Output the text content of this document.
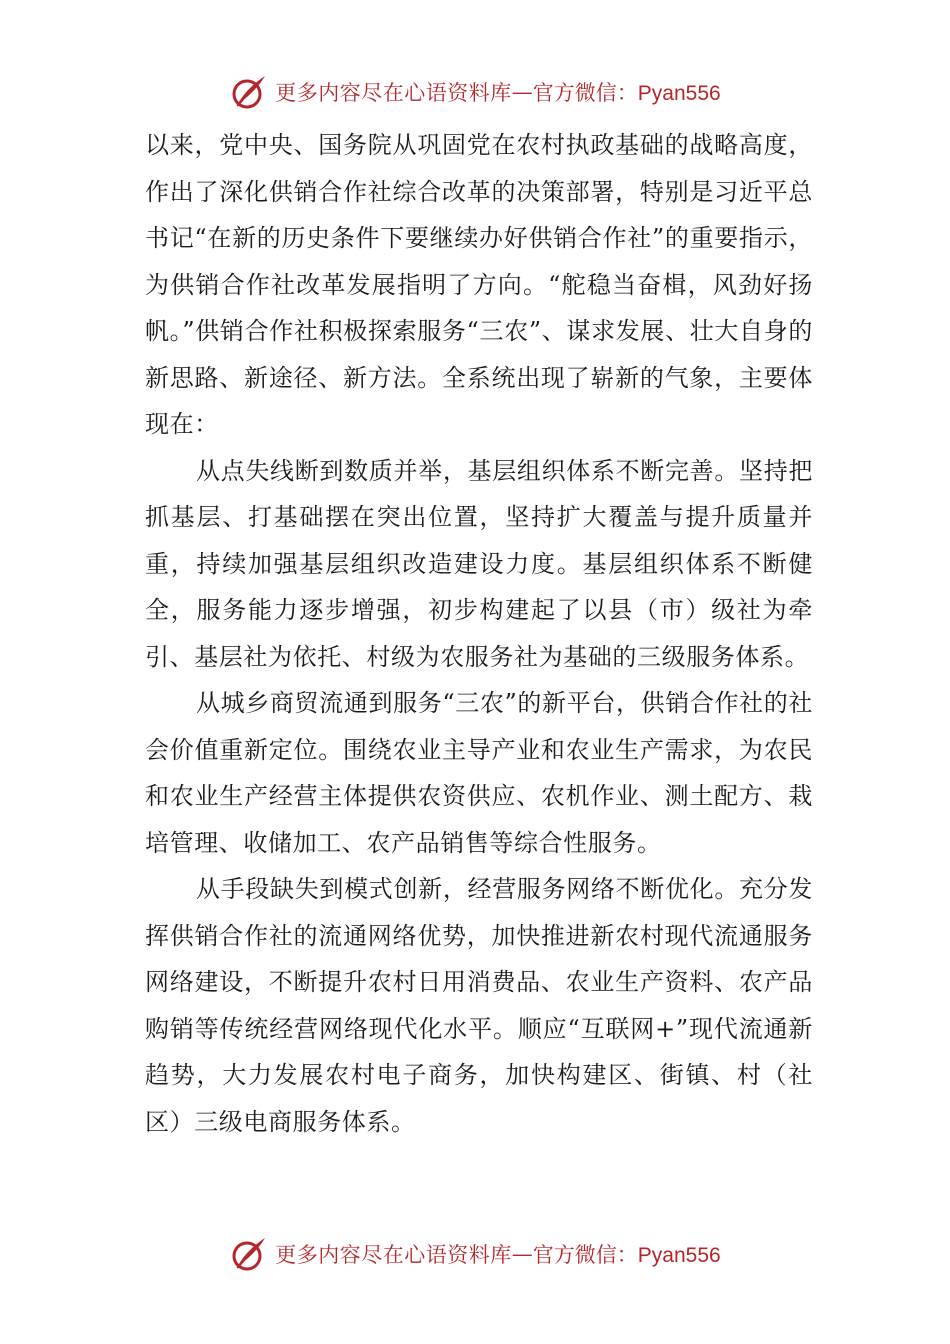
更多内容尽在心语资料库 — 官方微信：Pyan556

以来，党中央、国务院从巩固党在农村执政基础的战略高度，作出了深化供销合作社综合改革的决策部署，特别是习近平总书记“在新的历史条件下要继续办好供销合作社”的重要指示，为供销合作社改革发展指明了方向。“舵稳当奋楫，风劲好扬帆。”供销合作社积极探索服务“三农”、谋求发展、壮大自身的新思路、新途径、新方法。全系统出现了崭新的气象，主要体现在：

从点失线断到数质并举，基层组织体系不断完善。坚持把抓基层、打基础摆在突出位置，坚持扩大覆盖与提升质量并重，持续加强基层组织改造建设力度。基层组织体系不断健全，服务能力逐步增强，初步构建起了以县（市）级社为牵引、基层社为依托、村级为农服务社为基础的三级服务体系。

从城乡商贸流通到服务“三农”的新平台，供销合作社的社会价值重新定位。围绕农业主导产业和农业生产需求，为农民和农业生产经营主体提供农资供应、农机作业、测土配方、栽培管理、收储加工、农产品销售等综合性服务。

从手段缺失到模式创新，经营服务网络不断优化。充分发挥供销合作社的流通网络优势，加快推进新农村现代流通服务网络建设，不断提升农村日用消费品、农业生产资料、农产品购销等传统经营网络现代化水平。顺应“互联网+”现代流通新趋势，大力发展农村电子商务，加快构建区、街镇、村（社区）三级电商服务体系。

更多内容尽在心语资料库 — 官方微信：Pyan556
